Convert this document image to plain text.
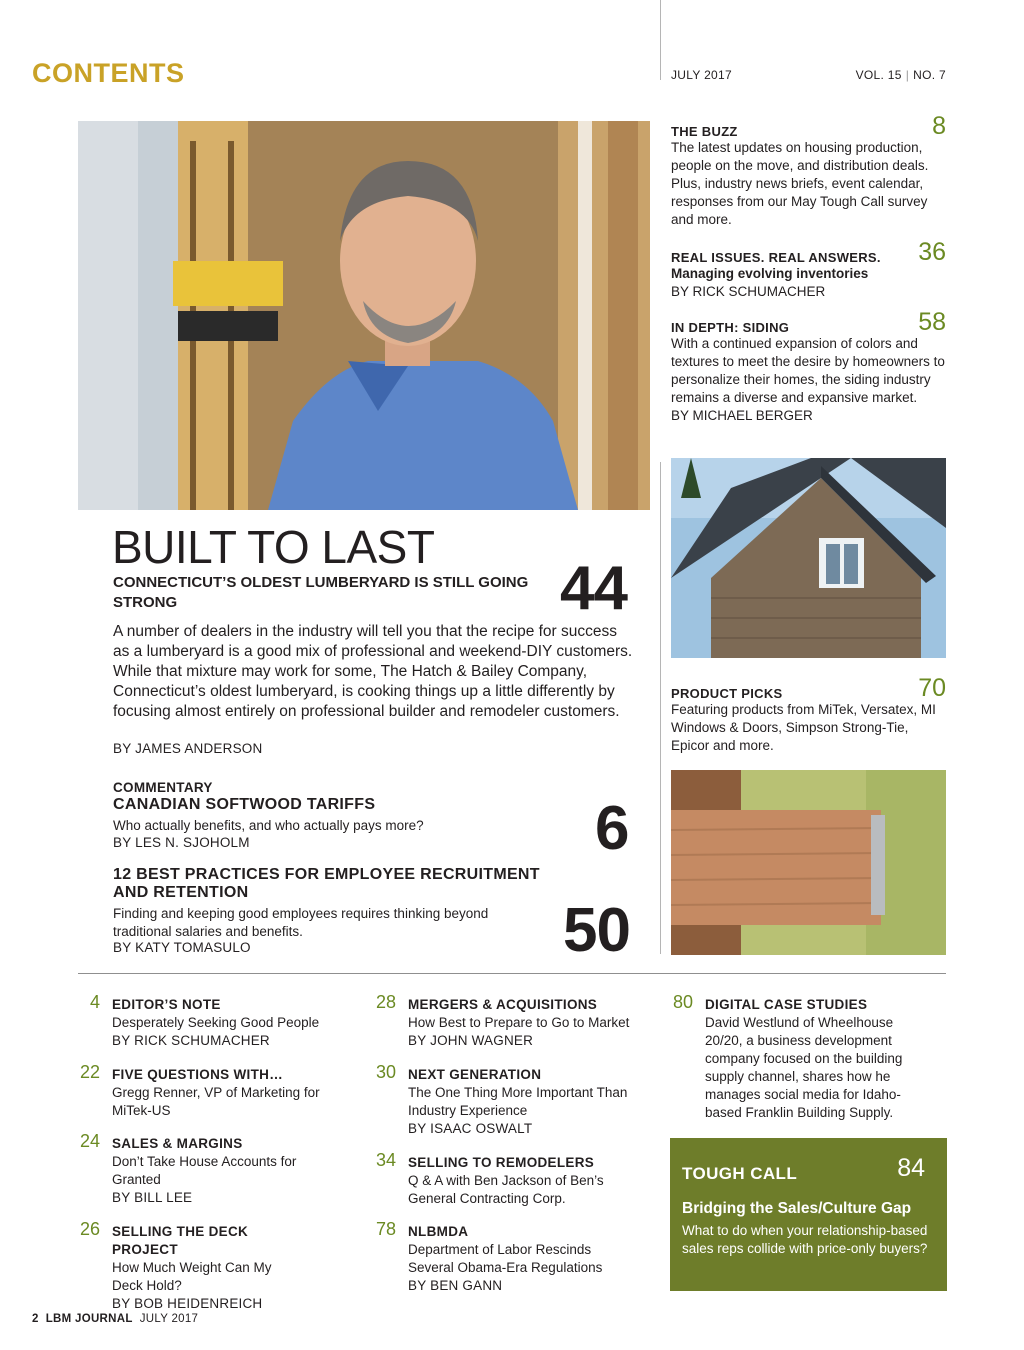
CONTENTS	JULY 2017	VOL. 15 | NO. 7
8
THE BUZZ
The latest updates on housing production, people on the move, and distribution deals. Plus, industry news briefs, event calendar, responses from our May Tough Call survey and more.
36
REAL ISSUES. REAL ANSWERS.
Managing evolving inventories
BY RICK SCHUMACHER
58
IN DEPTH: SIDING
With a continued expansion of colors and textures to meet the desire by homeowners to personalize their homes, the siding industry remains a diverse and expansive market.
BY MICHAEL BERGER
70
PRODUCT PICKS
Featuring products from MiTek, Versatex, MI Windows & Doors, Simpson Strong-Tie, Epicor and more.
BUILT TO LAST
CONNECTICUT’S OLDEST LUMBERYARD IS STILL GOING STRONG	44
A number of dealers in the industry will tell you that the recipe for success as a lumberyard is a good mix of professional and weekend-DIY customers. While that mixture may work for some, The Hatch & Bailey Company, Connecticut’s oldest lumberyard, is cooking things up a little differently by focusing almost entirely on professional builder and remodeler customers.
BY JAMES ANDERSON
COMMENTARY
CANADIAN SOFTWOOD TARIFFS
Who actually benefits, and who actually pays more?
BY LES N. SJOHOLM	6
12 BEST PRACTICES FOR EMPLOYEE RECRUITMENT AND RETENTION
Finding and keeping good employees requires thinking beyond traditional salaries and benefits.
BY KATY TOMASULO	50
4 EDITOR’S NOTE
Desperately Seeking Good People
BY RICK SCHUMACHER
22 FIVE QUESTIONS WITH…
Gregg Renner, VP of Marketing for MiTek-US
24 SALES & MARGINS
Don’t Take House Accounts for Granted
BY BILL LEE
26 SELLING THE DECK PROJECT
How Much Weight Can My Deck Hold?
BY BOB HEIDENREICH
28 MERGERS & ACQUISITIONS
How Best to Prepare to Go to Market
BY JOHN WAGNER
30 NEXT GENERATION
The One Thing More Important Than Industry Experience
BY ISAAC OSWALT
34 SELLING TO REMODELERS
Q & A with Ben Jackson of Ben’s General Contracting Corp.
78 NLBMDA
Department of Labor Rescinds Several Obama-Era Regulations
BY BEN GANN
80 DIGITAL CASE STUDIES
David Westlund of Wheelhouse 20/20, a business development company focused on the building supply channel, shares how he manages social media for Idaho-based Franklin Building Supply.
TOUGH CALL	84
Bridging the Sales/Culture Gap
What to do when your relationship-based sales reps collide with price-only buyers?
2 LBM JOURNAL JULY 2017
